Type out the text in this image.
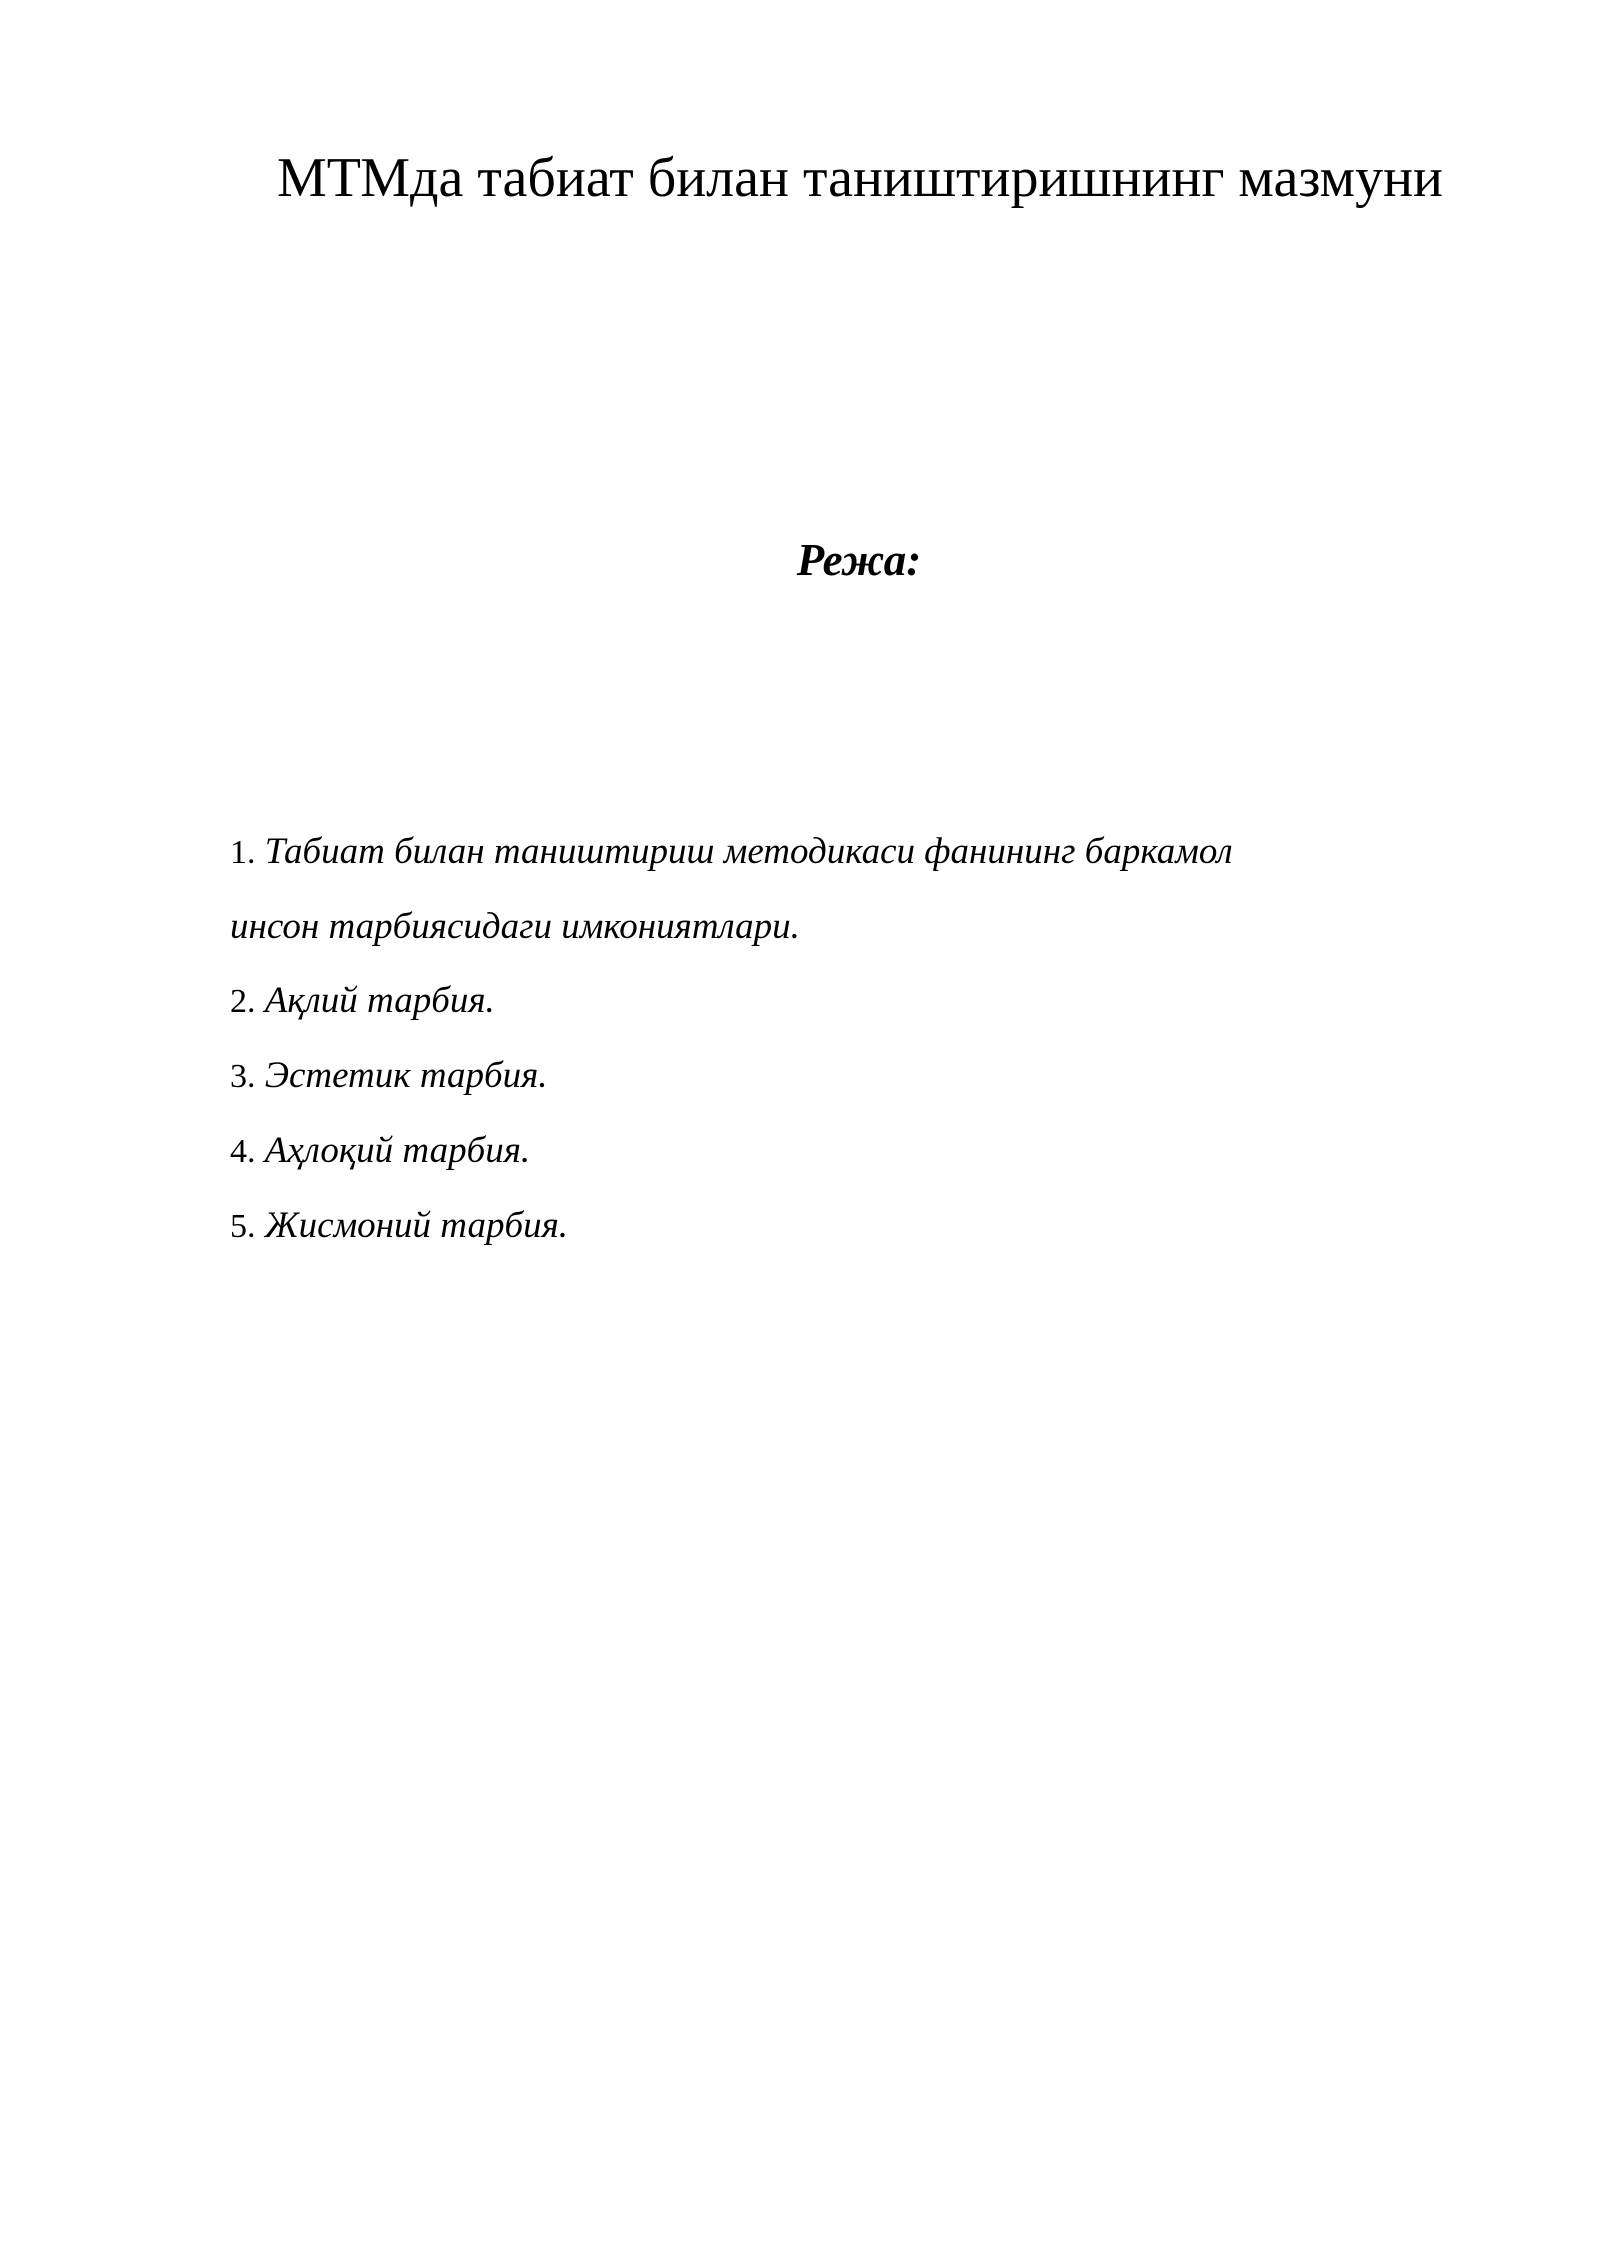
МТМда табиат билан таништиришнинг мазмуни
Режа:
1. Табиат билан таништириш методикаси фанининг баркамол
инсон тарбиясидаги имкониятлари.
2. Ақлий тарбия.
3. Эстетик тарбия.
4. Аҳлоқий тарбия.
5. Жисмоний тарбия.
